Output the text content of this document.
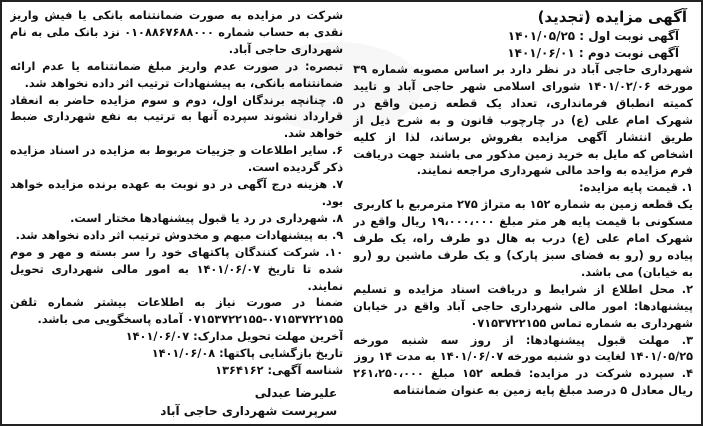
آگهی مزایده (تجدید)
آگهی نوبت اول : ۱۴۰۱/۰۵/۲۵
آگهی نوبت دوم : ۱۴۰۱/۰۶/۰۱

شهرداری حاجی آباد در نظر دارد بر اساس مصوبه شماره ۳۹ مورخه ۱۴۰۱/۰۲/۰۶ شورای اسلامی شهر حاجی آباد و تایید کمیته انطباق فرمانداری، تعداد یک قطعه زمین واقع در شهرک امام علی (ع) در چارچوب قانون و به شرح ذیل از طریق انتشار آگهی مزایده بفروش برساند، لذا از کلیه اشخاص که مایل به خرید زمین مذکور می باشند جهت دریافت فرم مزایده به واحد مالی شهرداری مراجعه نمایند.

۱. قیمت پایه مزایده:

یک قطعه زمین به شماره ۱۵۲ به متراژ ۲۷۵ مترمربع با کاربری مسکونی با قیمت پایه هر متر مبلغ ۱۹،۰۰۰،۰۰۰ ریال واقع در شهرک امام علی (ع) درب به هال دو طرف راه، یک طرف پیاده رو (رو به فضای سبز پارک) و یک طرف ماشین رو (رو به خیابان) می باشد.

۲. محل اطلاع از شرایط و دریافت اسناد مزایده و تسلیم پیشنهادها: امور مالی شهرداری حاجی آباد واقع در خیابان شهرداری به شماره تماس ۰۷۱۵۳۷۲۲۱۵۵

۳. مهلت قبول پیشنهادها: از روز سه شنبه مورخه ۱۴۰۱/۰۵/۲۵ لغایت دو شنبه مورخه ۱۴۰۱/۰۶/۰۷ به مدت ۱۴ روز

۴. سپرده شرکت در مزایده: قطعه ۱۵۲ مبلغ ۲۶۱،۲۵۰،۰۰۰ ریال معادل ۵ درصد مبلغ پایه زمین به عنوان ضمانتنامه

شرکت در مزایده به صورت ضمانتنامه بانکی یا فیش واریز نقدی به حساب شماره ۰۱۰۸۸۶۷۶۸۸۰۰۰ نزد بانک ملی به نام شهرداری حاجی آباد.

تبصره: در صورت عدم واریز مبلغ ضمانتنامه یا عدم ارائه ضمانتنامه بانکی، به پیشنهادات ترتیب اثر داده نخواهد شد.

۵. چنانچه برندگان اول، دوم و سوم مزایده حاضر به انعقاد قرارداد نشوند سپرده آنها به ترتیب به نفع شهرداری ضبط خواهد شد.

۶. سایر اطلاعات و جزییات مربوط به مزایده در اسناد مزایده ذکر گردیده است.

۷. هزینه درج آگهی در دو نوبت به عهده برنده مزایده خواهد بود.

۸. شهرداری در رد یا قبول پیشنهادها مختار است.

۹. به پیشنهادات مبهم و مخدوش ترتیب اثر داده نخواهد شد.

۱۰. شرکت کنندگان پاکتهای خود را سر بسته و مهر و موم شده تا تاریخ ۱۴۰۱/۰۶/۰۷ به امور مالی شهرداری تحویل نمایند.

ضمنا در صورت نیاز به اطلاعات بیشتر شماره تلفن ۰۷۱۵۳۷۲۲۱۵۵-۰۷۱۵۳۷۲۲۱۵۵ آماده پاسخگویی می باشد.

آخرین مهلت تحویل مدارک: ۱۴۰۱/۰۶/۰۷

تاریخ بازگشایی پاکتها: ۱۴۰۱/۰۶/۰۸

شناسه آگهی: ۱۳۶۴۱۶۲

علیرضا عبدلی
سرپرست شهرداری حاجی آباد
